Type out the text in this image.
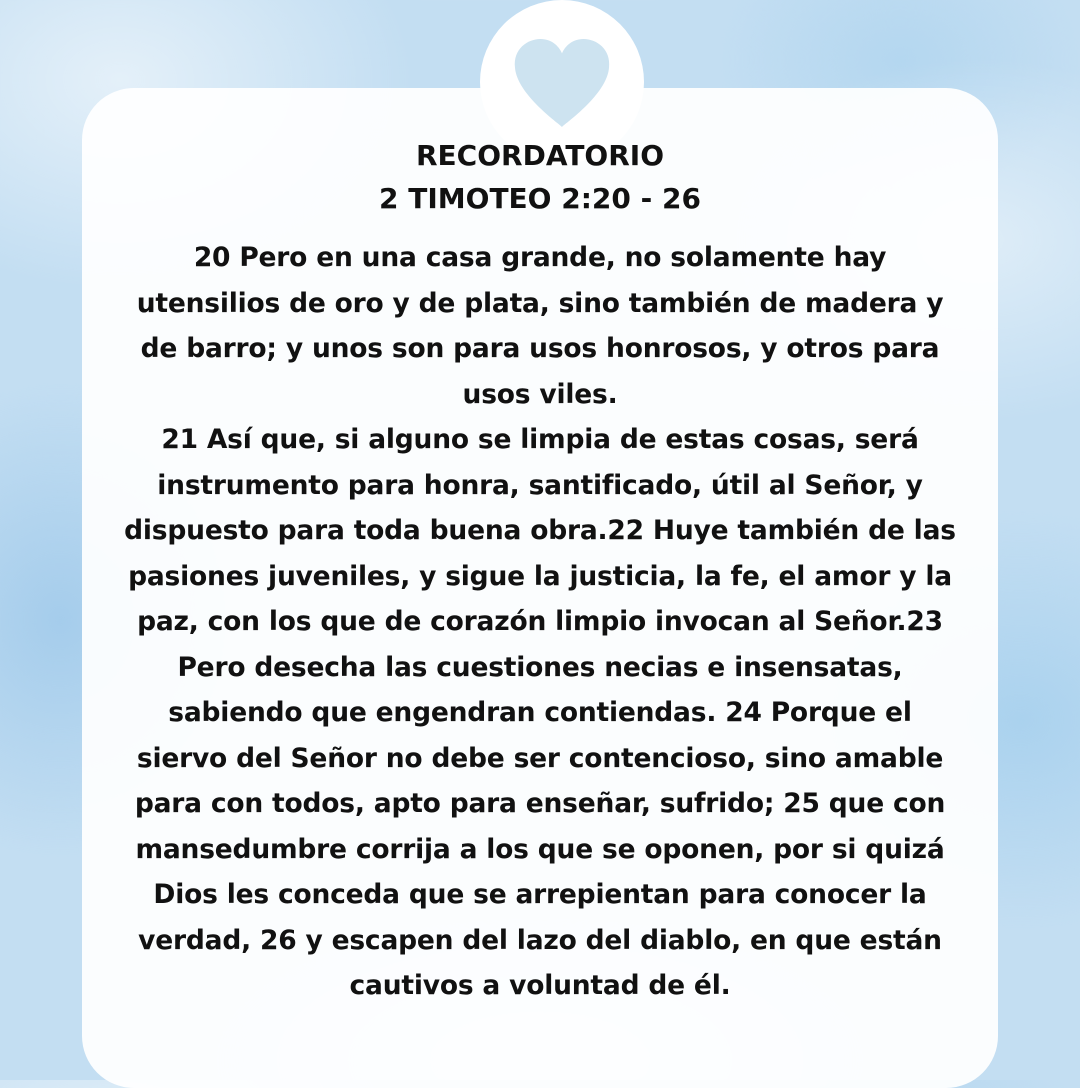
RECORDATORIO
2 TIMOTEO 2:20 - 26

20 Pero en una casa grande, no solamente hay utensilios de oro y de plata, sino también de madera y de barro; y unos son para usos honrosos, y otros para usos viles.
21 Así que, si alguno se limpia de estas cosas, será instrumento para honra, santificado, útil al Señor, y dispuesto para toda buena obra.22 Huye también de las pasiones juveniles, y sigue la justicia, la fe, el amor y la paz, con los que de corazón limpio invocan al Señor.23 Pero desecha las cuestiones necias e insensatas, sabiendo que engendran contiendas. 24 Porque el siervo del Señor no debe ser contencioso, sino amable para con todos, apto para enseñar, sufrido; 25 que con mansedumbre corrija a los que se oponen, por si quizá Dios les conceda que se arrepientan para conocer la verdad, 26 y escapen del lazo del diablo, en que están cautivos a voluntad de él.
